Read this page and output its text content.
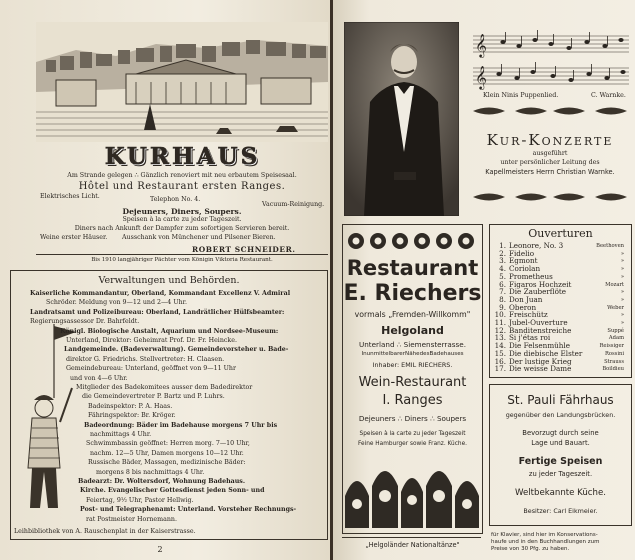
KURHAUS
Am Strande gelegen ∴ Gänzlich renoviert mit neu erbautem Speisesaal.
Hôtel und Restaurant ersten Ranges.
Elektrisches Licht.	Telephon No. 4.
Vacuum-Reinigung.
Dejeuners, Diners, Soupers.
Speisen à la carte zu jeder Tageszeit.
Diners nach Ankunft der Dampfer zum sofortigen Servieren bereit.
Weine erster Häuser. Ausschank von Münchener und Pilsener Bieren.
ROBERT SCHNEIDER.
Bis 1910 langjähriger Pächter vom Königin Viktoria Restaurant.
Verwaltungen und Behörden.
Leihbibliothek von A. Rauschenplat in der Kaiserstrasse.
2
Kaiserliche Kommandantur, Oberland, Kommandant Excellenz V. Admiral
Schröder. Meldung von 9—12 und 2—4 Uhr.
Landratsamt und Polizeibureau: Oberland, Landrätlicher Hülfsbeamter:
Regierungsassessor Dr. Bahrfeldt.
Königl. Biologische Anstalt, Aquarium und Nordsee-Museum:
Unterland, Direktor: Geheimrat Prof. Dr. Fr. Heincke.
Landgemeinde. (Badeverwaltung). Gemeindevorsteher u. Bade-
direktor G. Friedrichs. Stellvertreter: H. Claasen.
Gemeindebureau: Unterland, geöffnet von 9—11 Uhr
und von 4—6 Uhr.
Mitglieder des Badekomitees ausser dem Badedirektor
die Gemeindevertreter P. Bartz und P. Luhrs.
Badeinspektor: P. A. Haas.
Fähringspektor: Br. Kröger.
Badeordnung: Bäder im Badehause morgens 7 Uhr bis
nachmittags 4 Uhr.
Schwimmbassin geöffnet: Herren morg. 7—10 Uhr,
nachm. 12—5 Uhr, Damen morgens 10—12 Uhr.
Russische Bäder, Massagen, medizinische Bäder:
morgens 8 bis nachmittags 4 Uhr.
Badearzt: Dr. Woltersdorf, Wohnung Badehaus.
Kirche. Evangelischer Gottesdienst jeden Sonn- und
Feiertag, 9½ Uhr, Pastor Hellwig.
Post- und Telegraphenamt: Unterland. Vorsteher Rechnungs-
rat Postmeister Hornemann.
𝄞
𝄞
Klein Ninis Puppenlied.	C. Warnke.
Kur-Konzerte
ausgeführt
unter persönlicher Leitung des
Kapellmeisters Herrn Christian Warnke.
Restaurant
E. Riechers
vormals „Fremden-Willkomm"
Helgoland
Unterland ∴ Siemensterrasse.
InunmittelbarerNähedesBadehauses
Inhaber: EMIL RIECHERS.
Wein-Restaurant
I. Ranges
Dejeuners ∴ Diners ∴ Soupers
Speisen à la carte zu jeder Tageszeit
Feine Hamburger sowie Franz. Küche.
Ouverturen
1. Leonore, No. 3	Beethoven
2. Fidelio	»
3. Egmont	»
4. Coriolan	»
5. Prometheus	»
6. Figaros Hochzeit	Mozart
7. Die Zauberflöte	»
8. Don Juan	»
9. Oberon	Weber
10. Freischütz	»
11. Jubel-Ouverture	»
12. Banditenstreiche	Suppé
13. Si j'étas roi	Adam
14. Die Felsenmühle	Reissiger
15. Die diebische Elster	Rossini
16. Der lustige Krieg	Strauss
17. Die weisse Dame	Boildieu
St. Pauli Fährhaus
gegenüber den Landungsbrücken.
Bevorzugt durch seine
Lage und Bauart.
Fertige Speisen
zu jeder Tageszeit.
Weltbekannte Küche.
Besitzer: Carl Eikmeier.
„Helgoländer Nationaltänze"
für Klavier, sind hier im Konservations-
haufe und in den Buchhandlungen zum
Preise von 30 Pfg. zu haben.
